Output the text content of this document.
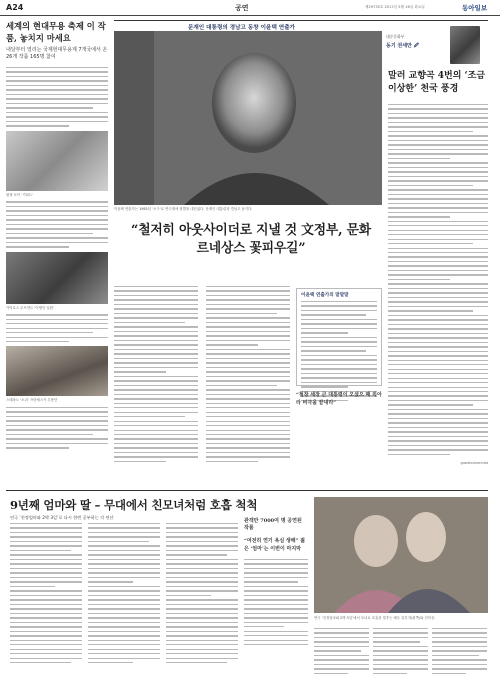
A24	공연	제29735호 2017년 5월 16일 화요일	동아일보
세계의 현대무용 축제 이 작품, 놓치지 마세요
내달부터 열리는 국제현대무용제 7개국에서 온 26개 작품 165명 참여
원형·모이 ‘기타트’
카이로스 무브먼트 ‘이방인 일원’
스테파노 ‘소녀’ 프란체스카 무용단
문재인 대통령의 경남고 동창 이윤택 연출가
대중문화부
동기 권세만 🖉
이윤택 연출가는 1985년 ‘오구’로 연극계에 첫발을 내딛었다. 문재인 대통령과 경남고 동기다.
“철저히 아웃사이더로 지낼 것 文정부, 문화 르네상스 꽃피우길”
말러 교향곡 4번의 ‘조금 이상한’ 천국 풍경
guestcolumnist
이윤택 연출가의 말말말
“철창 세장 큰 대통령이 오셨으 때 꼭아라 비극을 끝내라”
9년째 엄마와 딸 – 무대에서 친모녀처럼 호흡 척척
연극 ‘친정엄마와 2박 3일’로 다시 한번 공부하는 각 연산
관객만 7000여 명 공연된 작품
“여전히 연기 욕심 생해” 젊은 ‘엄마’는 이번이 마지막
연극 ‘친정엄마와 2박 3일’에서 모녀로 호흡을 맞추는 배우 강부자(왼쪽)와 전미선.
